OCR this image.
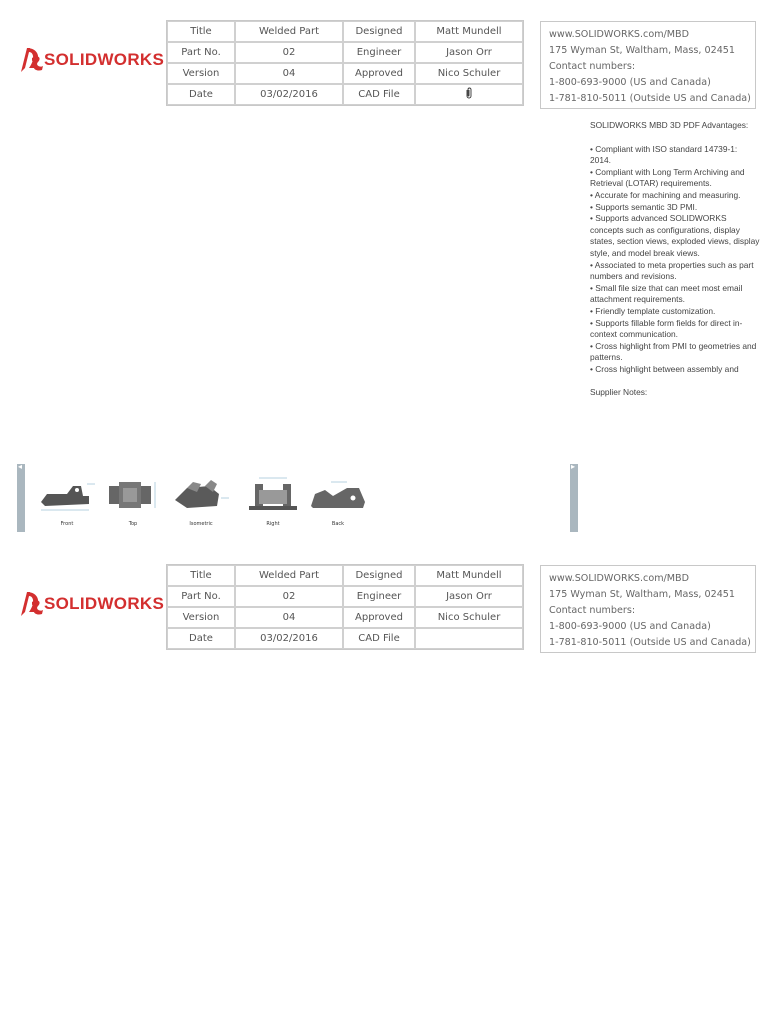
SOLIDWORKS
Title	Welded Part	Designed	Matt Mundell
Part No.	02	Engineer	Jason Orr
Version	04	Approved	Nico Schuler
Date	03/02/2016	CAD File	
www.SOLIDWORKS.com/MBD
175 Wyman St, Waltham, Mass, 02451
Contact numbers:
1-800-693-9000 (US and Canada)
1-781-810-5011 (Outside US and Canada)
SOLIDWORKS MBD 3D PDF Advantages:
• Compliant with ISO standard 14739-1: 2014.
• Compliant with Long Term Archiving and Retrieval (LOTAR) requirements.
• Accurate for machining and measuring.
• Supports semantic 3D PMI.
• Supports advanced SOLIDWORKS concepts such as configurations, display states, section views, exploded views, display style, and model break views.
• Associated to meta properties such as part numbers and revisions.
• Small file size that can meet most email attachment requirements.
• Friendly template customization.
• Supports fillable form fields for direct in-context communication.
• Cross highlight from PMI to geometries and patterns.
• Cross highlight between assembly and
Supplier Notes:
◂
Front	Top	Isometric	Right	Back
▸
SOLIDWORKS
Title	Welded Part	Designed	Matt Mundell
Part No.	02	Engineer	Jason Orr
Version	04	Approved	Nico Schuler
Date	03/02/2016	CAD File	
www.SOLIDWORKS.com/MBD
175 Wyman St, Waltham, Mass, 02451
Contact numbers:
1-800-693-9000 (US and Canada)
1-781-810-5011 (Outside US and Canada)
